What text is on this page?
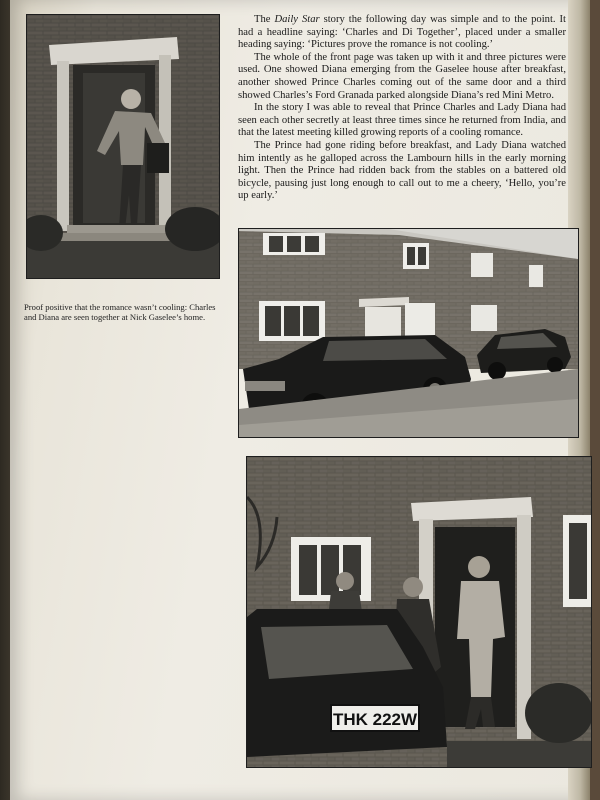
The Daily Star story the following day was simple and to the point. It had a headline saying: ‘Charles and Di Together’, placed under a smaller heading saying: ‘Pictures prove the romance is not cooling.’

The whole of the front page was taken up with it and three pictures were used. One showed Diana emerging from the Gaselee house after breakfast, another showed Prince Charles coming out of the same door and a third showed Charles’s Ford Granada parked alongside Diana’s red Mini Metro.

In the story I was able to reveal that Prince Charles and Lady Diana had seen each other secretly at least three times since he returned from India, and that the latest meeting killed growing reports of a cooling romance.

The Prince had gone riding before breakfast, and Lady Diana watched him intently as he galloped across the Lambourn hills in the early morning light. Then the Prince had ridden back from the stables on a battered old bicycle, pausing just long enough to call out to me a cheery, ‘Hello, you’re up early.’

Proof positive that the romance wasn’t cooling: Charles and Diana are seen together at Nick Gaselee’s home.
THK 222W
